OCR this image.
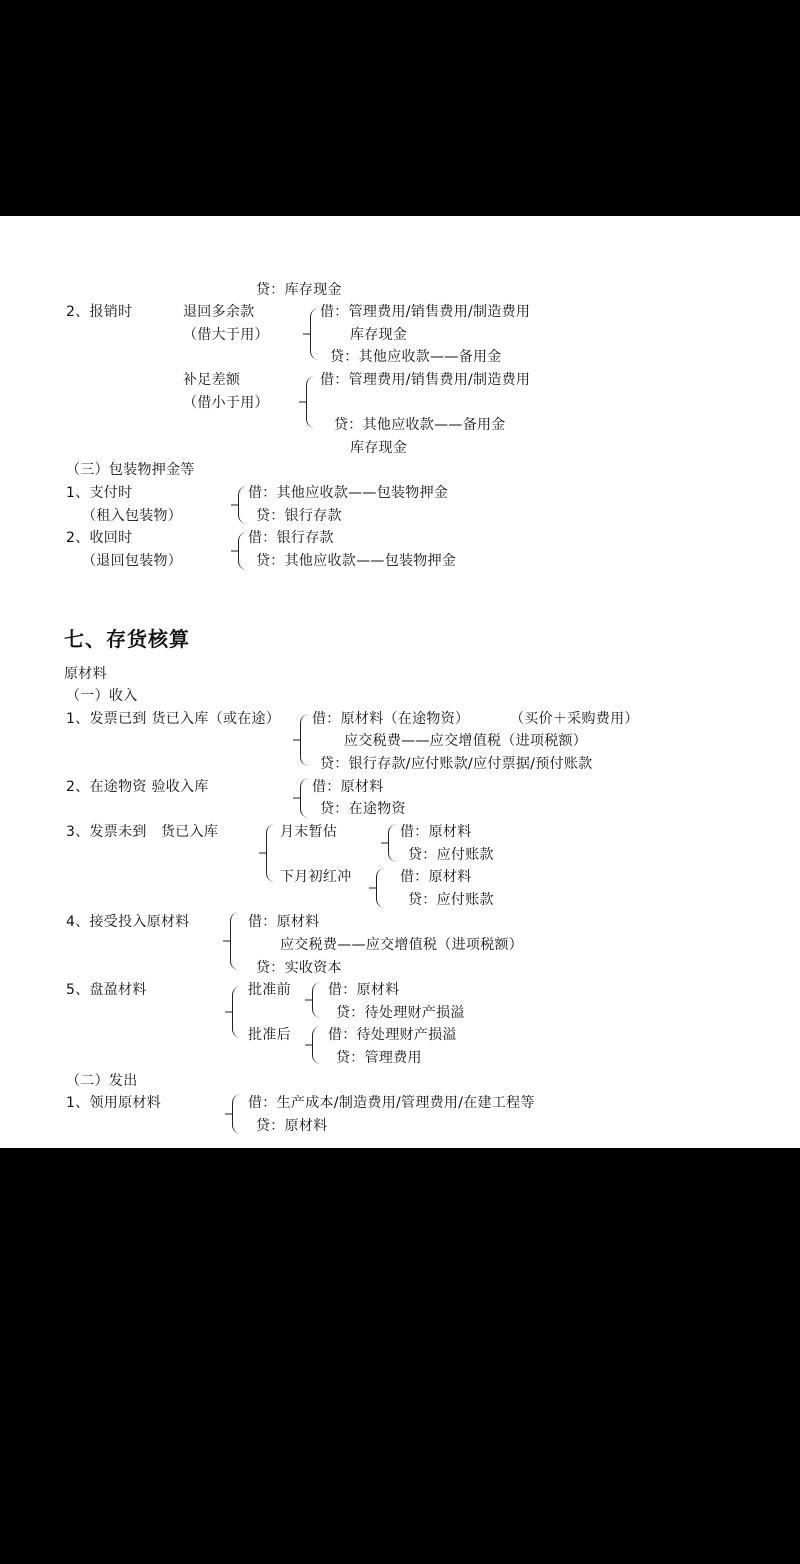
贷：库存现金
2、报销时	退回多余款
（借大于用）
借：管理费用/销售费用/制造费用
库存现金
贷：其他应收款——备用金
补足差额
（借小于用）
借：管理费用/销售费用/制造费用
贷：其他应收款——备用金
库存现金
（三）包装物押金等
1、支付时
（租入包装物）
借：其他应收款——包装物押金
贷：银行存款
2、收回时
（退回包装物）
借：银行存款
贷：其他应收款——包装物押金
七、存货核算
原材料
（一）收入
1、发票已到 货已入库（或在途） 借：原材料（在途物资）	（买价＋采购费用）
应交税费——应交增值税（进项税额）
贷：银行存款/应付账款/应付票据/预付账款
2、在途物资 验收入库	借：原材料
贷：在途物资
3、发票未到　货已入库	月末暂估	借：原材料
贷：应付账款
下月初红冲	借：原材料
贷：应付账款
4、接受投入原材料	借：原材料
应交税费——应交增值税（进项税额）
贷：实收资本
5、盘盈材料	批准前	借：原材料
贷：待处理财产损溢
批准后	借：待处理财产损溢
贷：管理费用
（二）发出
1、领用原材料	借：生产成本/制造费用/管理费用/在建工程等
贷：原材料
